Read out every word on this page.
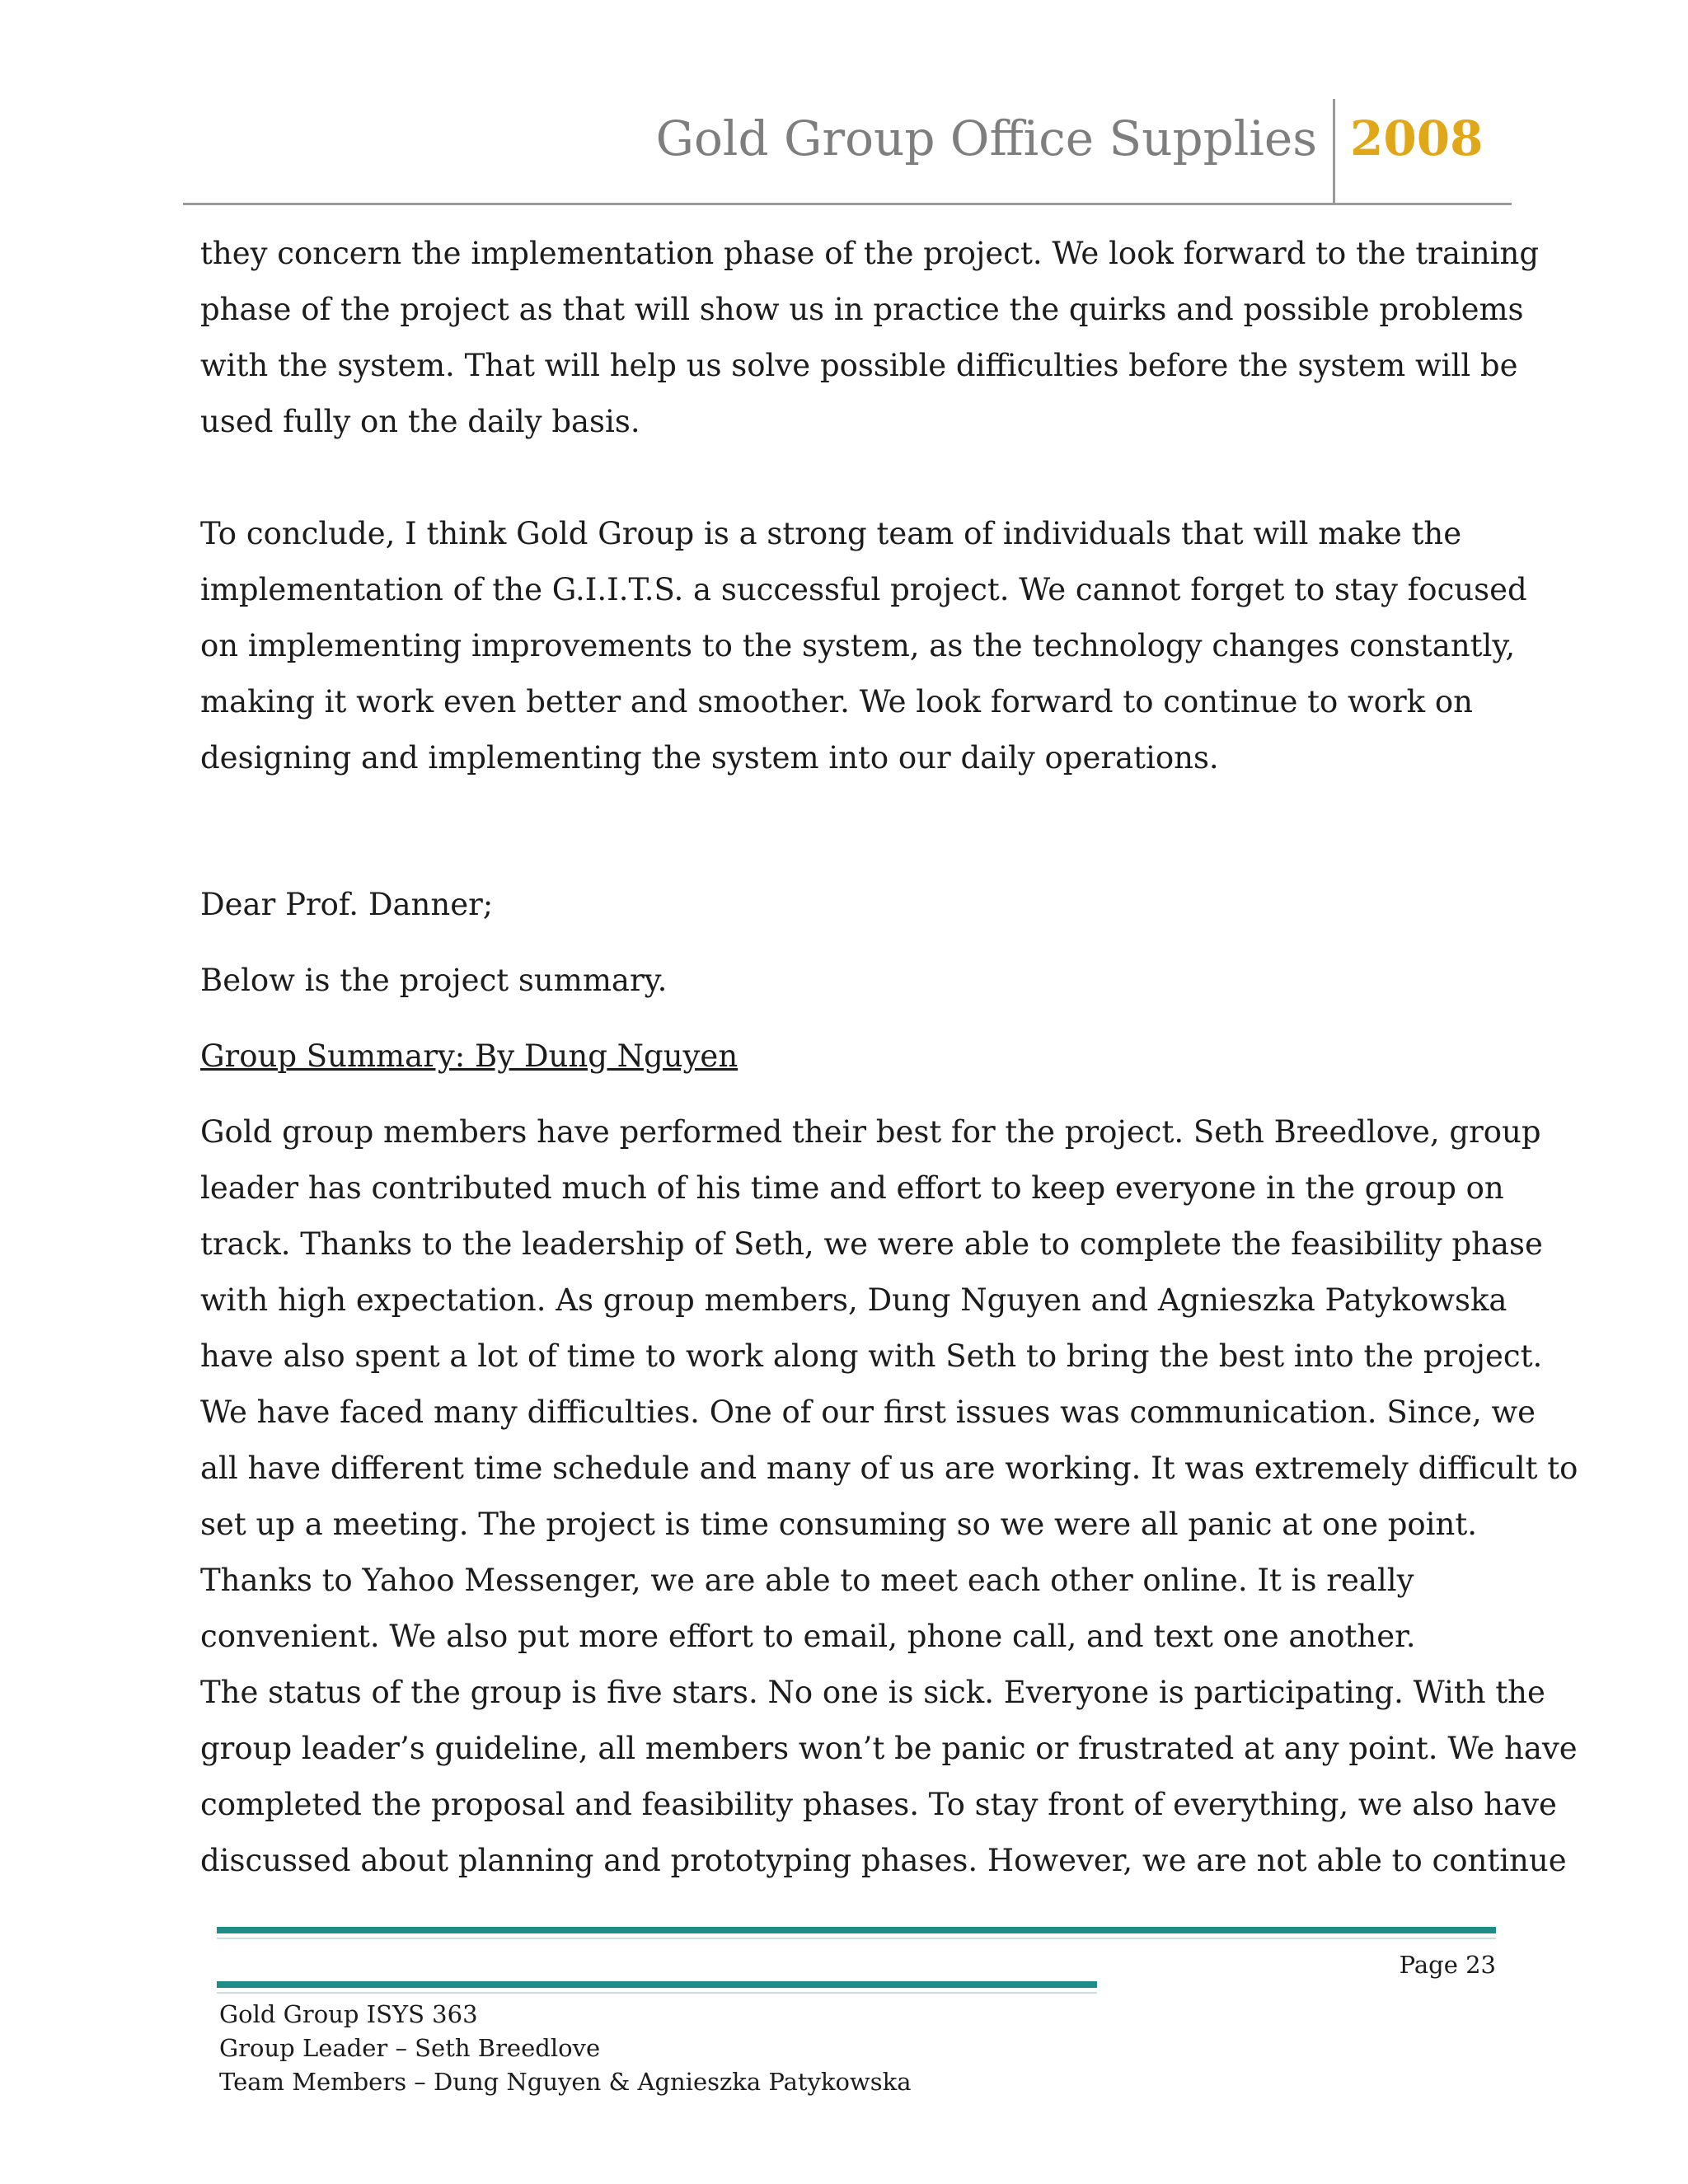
Gold Group Office Supplies 2008
they concern the implementation phase of the project. We look forward to the training
phase of the project as that will show us in practice the quirks and possible problems
with the system. That will help us solve possible difficulties before the system will be
used fully on the daily basis.
To conclude, I think Gold Group is a strong team of individuals that will make the
implementation of the G.I.I.T.S. a successful project. We cannot forget to stay focused
on implementing improvements to the system, as the technology changes constantly,
making it work even better and smoother. We look forward to continue to work on
designing and implementing the system into our daily operations.
Dear Prof. Danner;
Below is the project summary.
Group Summary: By Dung Nguyen
Gold group members have performed their best for the project. Seth Breedlove, group
leader has contributed much of his time and effort to keep everyone in the group on
track. Thanks to the leadership of Seth, we were able to complete the feasibility phase
with high expectation. As group members, Dung Nguyen and Agnieszka Patykowska
have also spent a lot of time to work along with Seth to bring the best into the project.
We have faced many difficulties. One of our first issues was communication. Since, we
all have different time schedule and many of us are working. It was extremely difficult to
set up a meeting. The project is time consuming so we were all panic at one point.
Thanks to Yahoo Messenger, we are able to meet each other online. It is really
convenient. We also put more effort to email, phone call, and text one another.
The status of the group is five stars. No one is sick. Everyone is participating. With the
group leader’s guideline, all members won’t be panic or frustrated at any point. We have
completed the proposal and feasibility phases. To stay front of everything, we also have
discussed about planning and prototyping phases. However, we are not able to continue
Page 23
Gold Group ISYS 363
Group Leader – Seth Breedlove
Team Members – Dung Nguyen & Agnieszka Patykowska
